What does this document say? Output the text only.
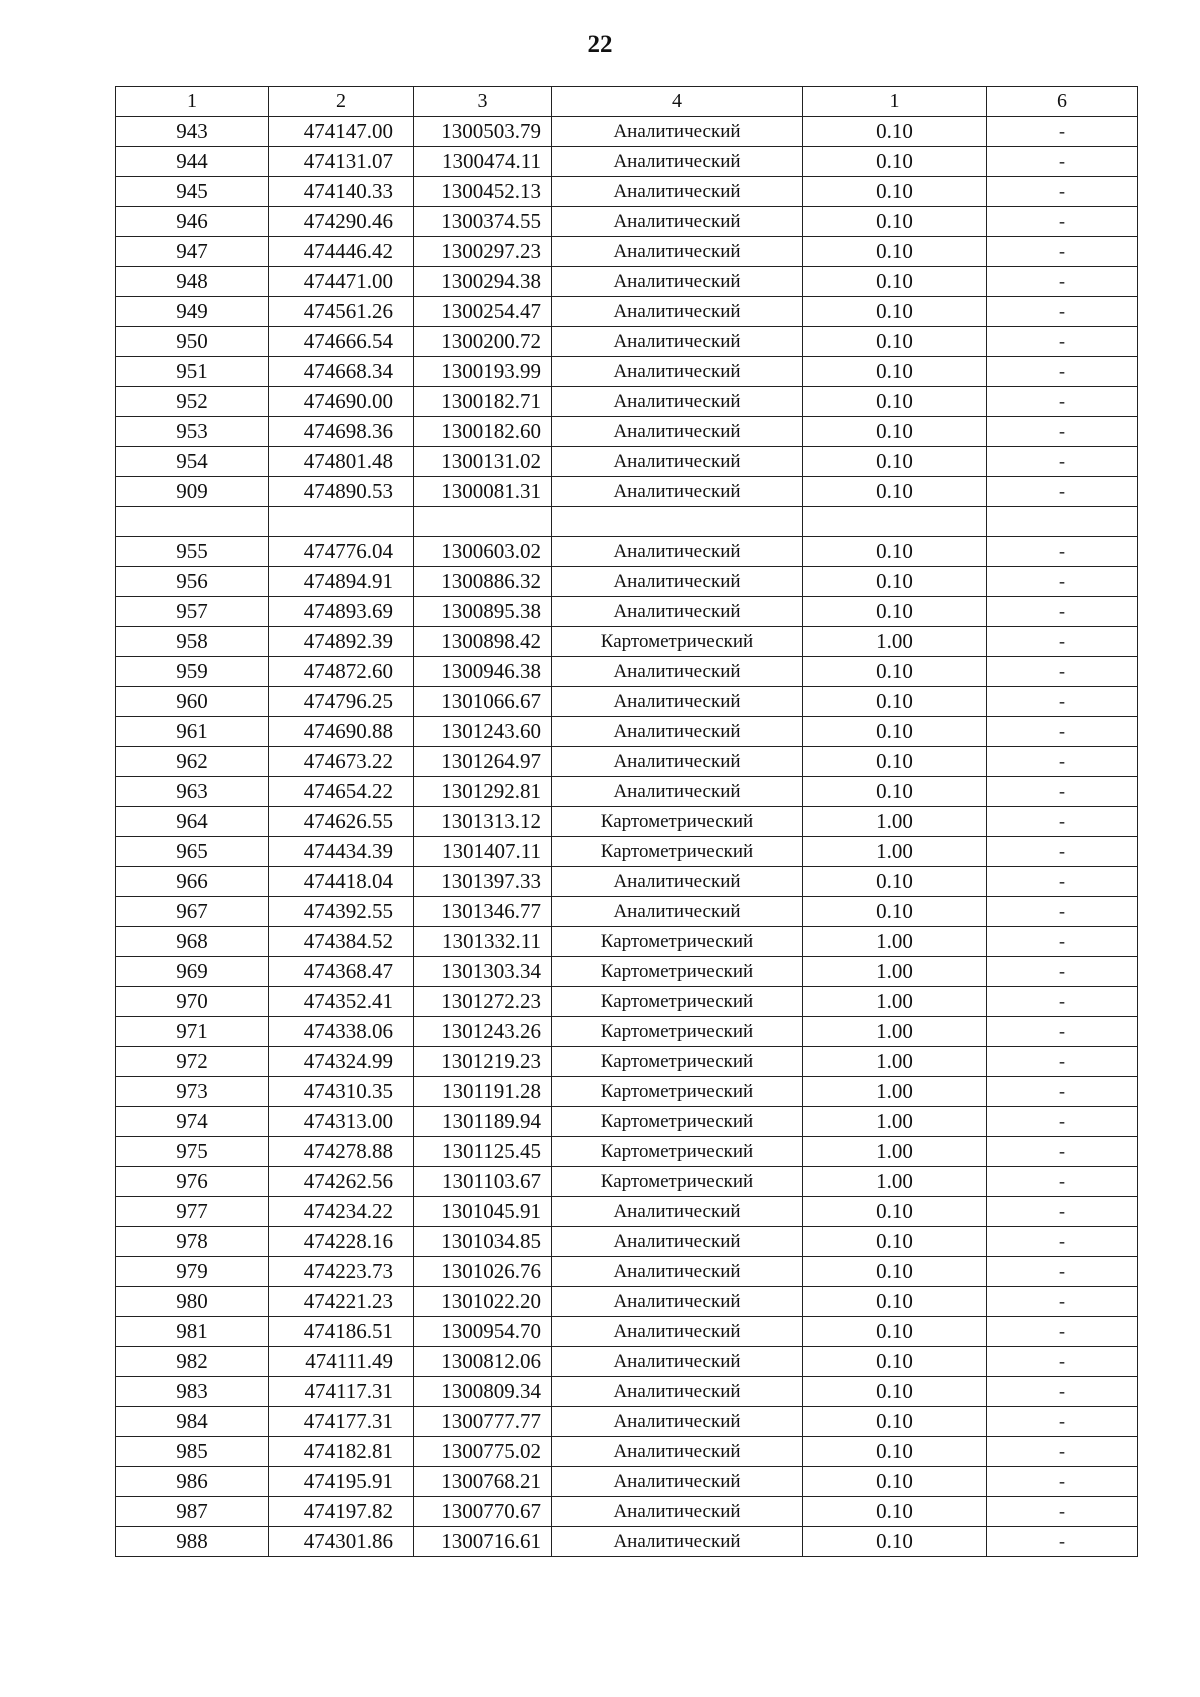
22
1	2	3	4	1	6
943	474147.00	1300503.79	Аналитический	0.10	-
944	474131.07	1300474.11	Аналитический	0.10	-
945	474140.33	1300452.13	Аналитический	0.10	-
946	474290.46	1300374.55	Аналитический	0.10	-
947	474446.42	1300297.23	Аналитический	0.10	-
948	474471.00	1300294.38	Аналитический	0.10	-
949	474561.26	1300254.47	Аналитический	0.10	-
950	474666.54	1300200.72	Аналитический	0.10	-
951	474668.34	1300193.99	Аналитический	0.10	-
952	474690.00	1300182.71	Аналитический	0.10	-
953	474698.36	1300182.60	Аналитический	0.10	-
954	474801.48	1300131.02	Аналитический	0.10	-
909	474890.53	1300081.31	Аналитический	0.10	-

955	474776.04	1300603.02	Аналитический	0.10	-
956	474894.91	1300886.32	Аналитический	0.10	-
957	474893.69	1300895.38	Аналитический	0.10	-
958	474892.39	1300898.42	Картометрический	1.00	-
959	474872.60	1300946.38	Аналитический	0.10	-
960	474796.25	1301066.67	Аналитический	0.10	-
961	474690.88	1301243.60	Аналитический	0.10	-
962	474673.22	1301264.97	Аналитический	0.10	-
963	474654.22	1301292.81	Аналитический	0.10	-
964	474626.55	1301313.12	Картометрический	1.00	-
965	474434.39	1301407.11	Картометрический	1.00	-
966	474418.04	1301397.33	Аналитический	0.10	-
967	474392.55	1301346.77	Аналитический	0.10	-
968	474384.52	1301332.11	Картометрический	1.00	-
969	474368.47	1301303.34	Картометрический	1.00	-
970	474352.41	1301272.23	Картометрический	1.00	-
971	474338.06	1301243.26	Картометрический	1.00	-
972	474324.99	1301219.23	Картометрический	1.00	-
973	474310.35	1301191.28	Картометрический	1.00	-
974	474313.00	1301189.94	Картометрический	1.00	-
975	474278.88	1301125.45	Картометрический	1.00	-
976	474262.56	1301103.67	Картометрический	1.00	-
977	474234.22	1301045.91	Аналитический	0.10	-
978	474228.16	1301034.85	Аналитический	0.10	-
979	474223.73	1301026.76	Аналитический	0.10	-
980	474221.23	1301022.20	Аналитический	0.10	-
981	474186.51	1300954.70	Аналитический	0.10	-
982	474111.49	1300812.06	Аналитический	0.10	-
983	474117.31	1300809.34	Аналитический	0.10	-
984	474177.31	1300777.77	Аналитический	0.10	-
985	474182.81	1300775.02	Аналитический	0.10	-
986	474195.91	1300768.21	Аналитический	0.10	-
987	474197.82	1300770.67	Аналитический	0.10	-
988	474301.86	1300716.61	Аналитический	0.10	-
